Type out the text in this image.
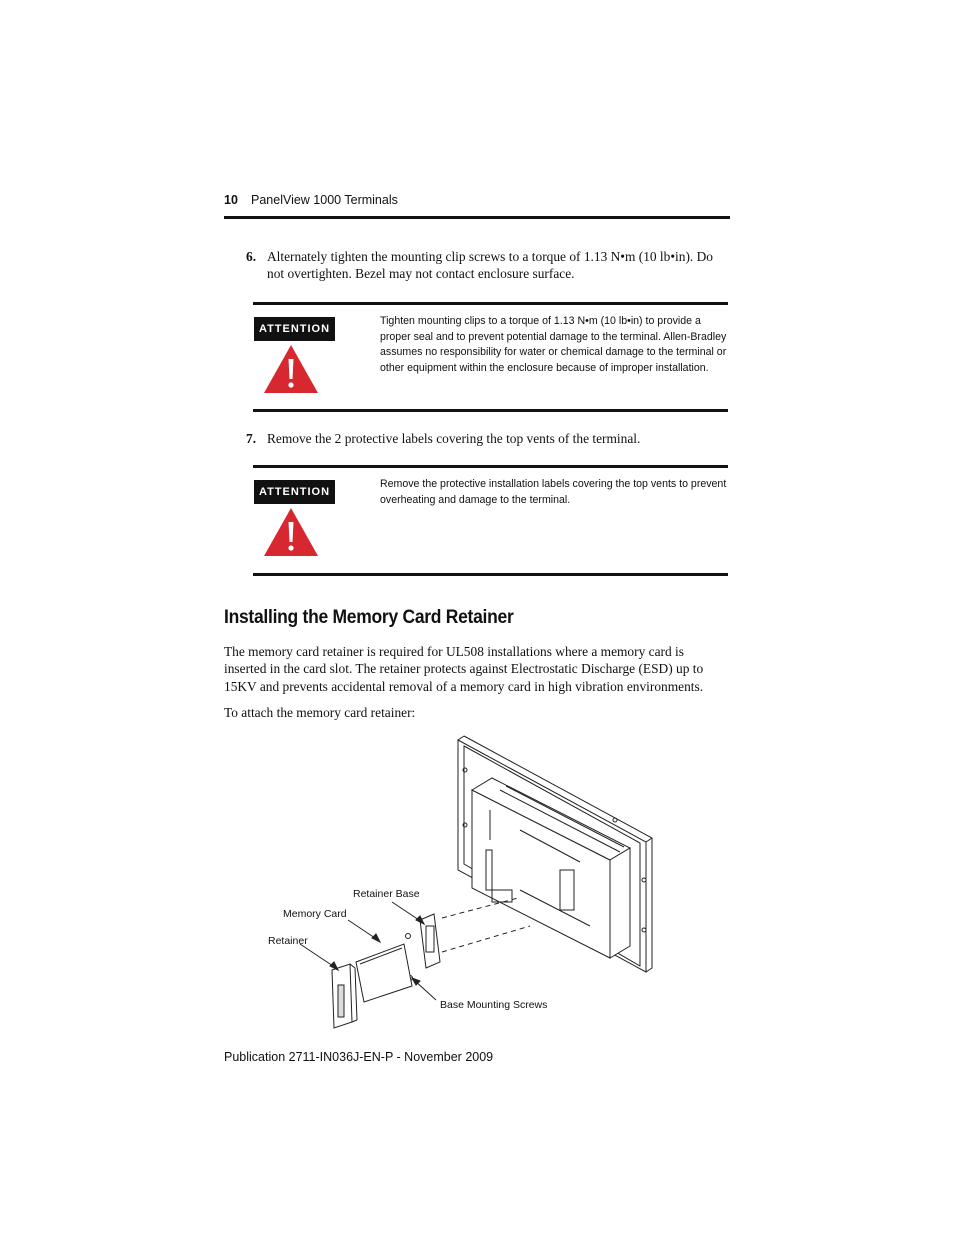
10 PanelView 1000 Terminals
6. Alternately tighten the mounting clip screws to a torque of 1.13 N•m (10 lb•in). Do not overtighten. Bezel may not contact enclosure surface.
ATTENTION
Tighten mounting clips to a torque of 1.13 N•m (10 lb•in) to provide a proper seal and to prevent potential damage to the terminal. Allen-Bradley assumes no responsibility for water or chemical damage to the terminal or other equipment within the enclosure because of improper installation.
7. Remove the 2 protective labels covering the top vents of the terminal.
ATTENTION
Remove the protective installation labels covering the top vents to prevent overheating and damage to the terminal.
Installing the Memory Card Retainer

The memory card retainer is required for UL508 installations where a memory card is inserted in the card slot. The retainer protects against Electrostatic Discharge (ESD) up to 15KV and prevents accidental removal of a memory card in high vibration environments.

To attach the memory card retainer:

Retainer Base
Memory Card
Retainer
Base Mounting Screws
Publication 2711-IN036J-EN-P - November 2009
